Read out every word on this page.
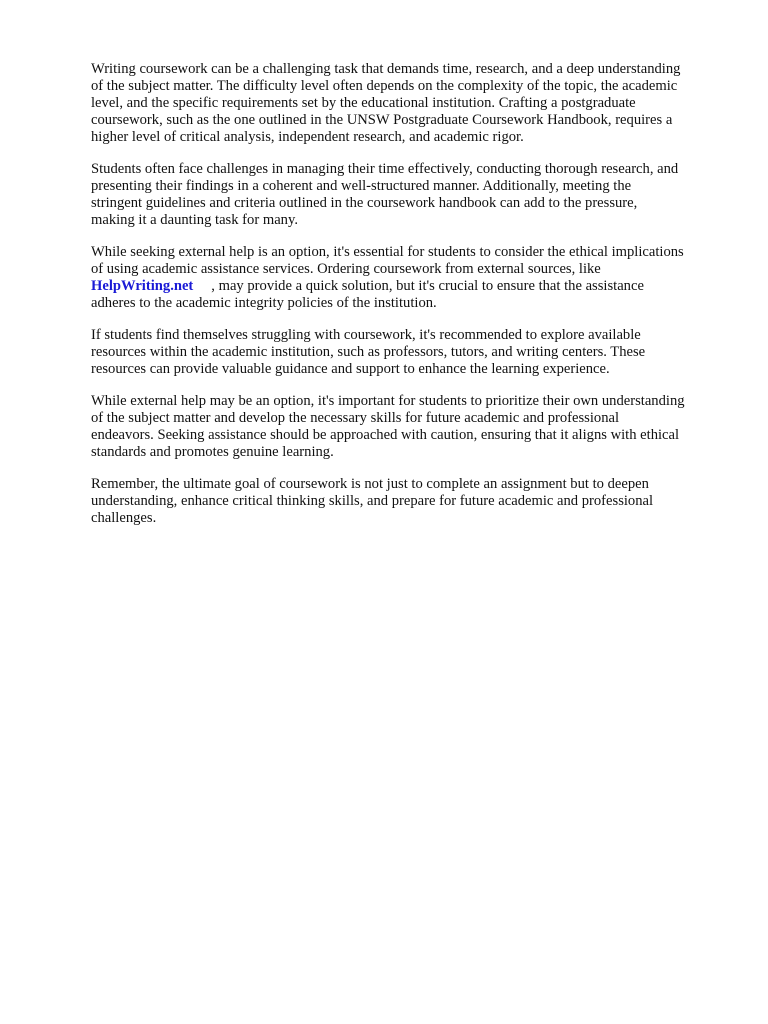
Writing coursework can be a challenging task that demands time, research, and a deep understanding
of the subject matter. The difficulty level often depends on the complexity of the topic, the academic
level, and the specific requirements set by the educational institution. Crafting a postgraduate
coursework, such as the one outlined in the UNSW Postgraduate Coursework Handbook, requires a
higher level of critical analysis, independent research, and academic rigor.

Students often face challenges in managing their time effectively, conducting thorough research, and
presenting their findings in a coherent and well-structured manner. Additionally, meeting the
stringent guidelines and criteria outlined in the coursework handbook can add to the pressure,
making it a daunting task for many.

While seeking external help is an option, it's essential for students to consider the ethical implications
of using academic assistance services. Ordering coursework from external sources, like
HelpWriting.net , may provide a quick solution, but it's crucial to ensure that the assistance
adheres to the academic integrity policies of the institution.

If students find themselves struggling with coursework, it's recommended to explore available
resources within the academic institution, such as professors, tutors, and writing centers. These
resources can provide valuable guidance and support to enhance the learning experience.

While external help may be an option, it's important for students to prioritize their own understanding
of the subject matter and develop the necessary skills for future academic and professional
endeavors. Seeking assistance should be approached with caution, ensuring that it aligns with ethical
standards and promotes genuine learning.

Remember, the ultimate goal of coursework is not just to complete an assignment but to deepen
understanding, enhance critical thinking skills, and prepare for future academic and professional
challenges.
